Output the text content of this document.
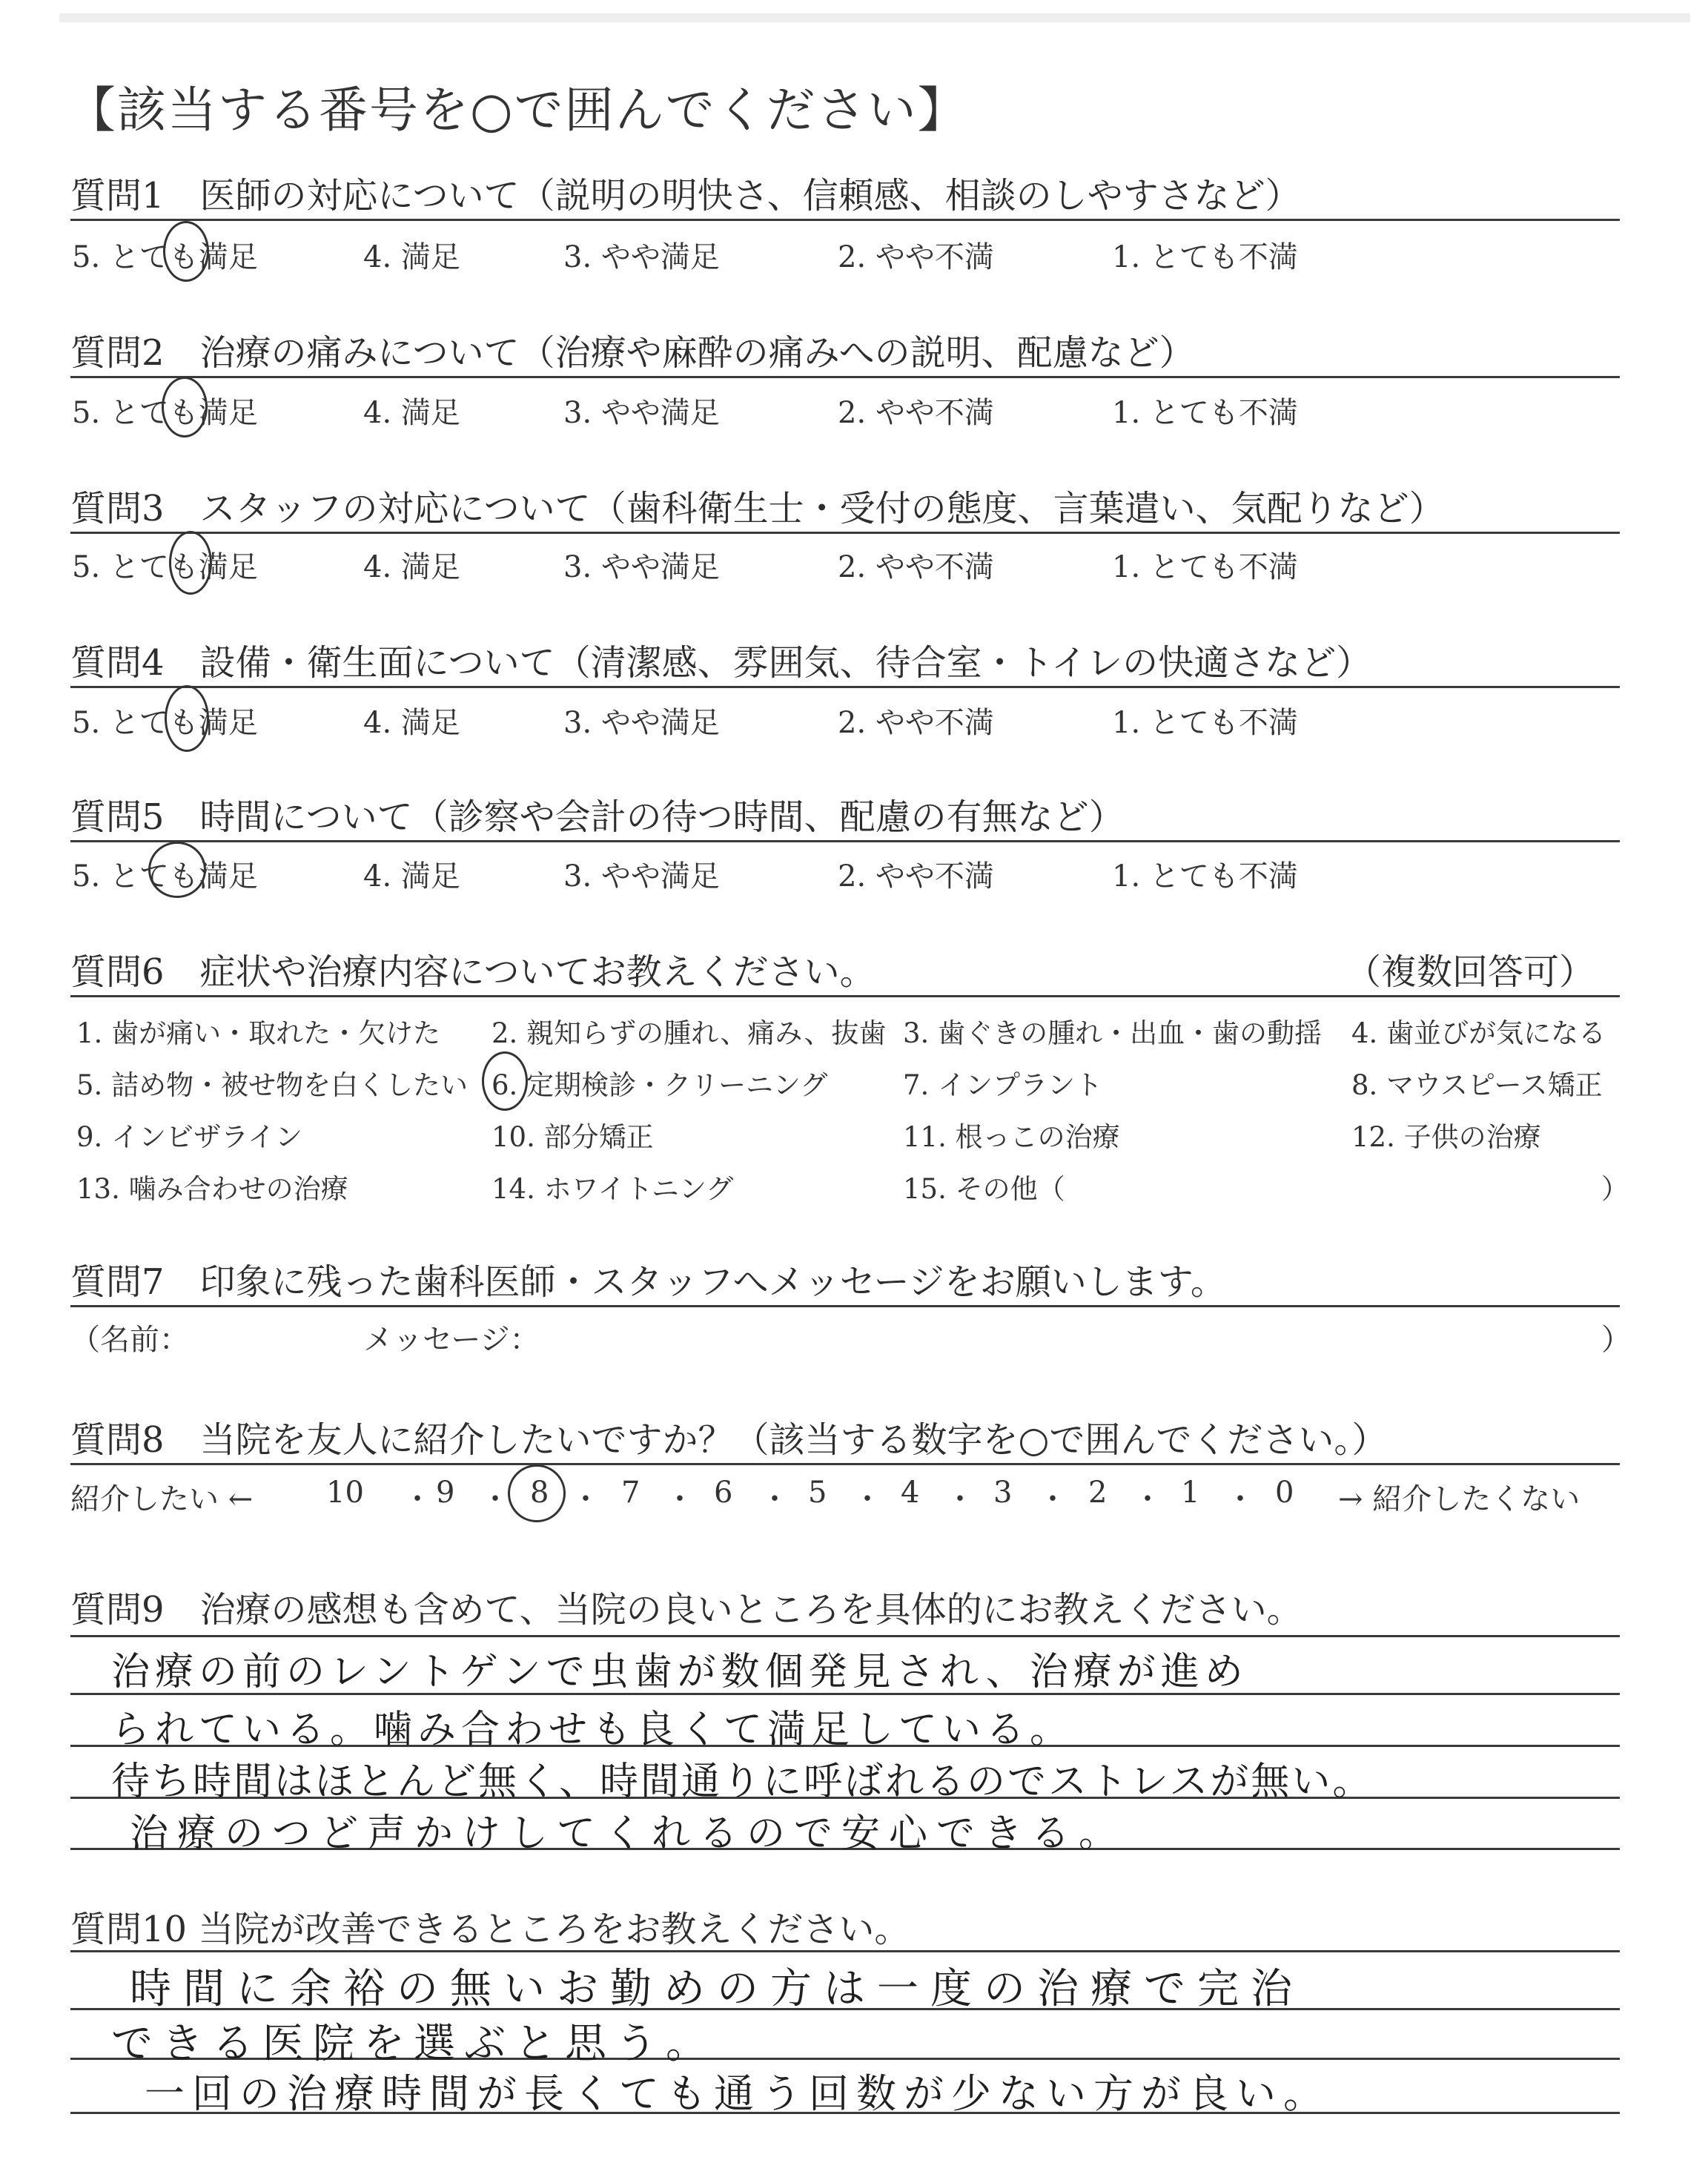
【該当する番号を○で囲んでください】
質問1　医師の対応について（説明の明快さ、信頼感、相談のしやすさなど）
5. とても満足	4. 満足	3. やや満足	2. やや不満	1. とても不満
質問2　治療の痛みについて（治療や麻酔の痛みへの説明、配慮など）
5. とても満足	4. 満足	3. やや満足	2. やや不満	1. とても不満
質問3　スタッフの対応について（歯科衛生士・受付の態度、言葉遣い、気配りなど）
5. とても満足	4. 満足	3. やや満足	2. やや不満	1. とても不満
質問4　設備・衛生面について（清潔感、雰囲気、待合室・トイレの快適さなど）
5. とても満足	4. 満足	3. やや満足	2. やや不満	1. とても不満
質問5　時間について（診察や会計の待つ時間、配慮の有無など）
5. とても満足	4. 満足	3. やや満足	2. やや不満	1. とても不満
質問6　症状や治療内容についてお教えください。	（複数回答可）
1. 歯が痛い・取れた・欠けた 2. 親知らずの腫れ、痛み、抜歯 3. 歯ぐきの腫れ・出血・歯の動揺 4. 歯並びが気になる
5. 詰め物・被せ物を白くしたい 6. 定期検診・クリーニング	7. インプラント	8. マウスピース矯正
9. インビザライン	10. 部分矯正	11. 根っこの治療	12. 子供の治療
13. 噛み合わせの治療	14. ホワイトニング	15. その他（	）
質問7　印象に残った歯科医師・スタッフへメッセージをお願いします。
（名前：	メッセージ：	）
質問8　当院を友人に紹介したいですか？（該当する数字を○で囲んでください。）
紹介したい ←	→ 紹介したくない
10 ・ 9 ・ 8 ・ 7 ・ 6 ・ 5 ・ 4 ・ 3 ・ 2 ・ 1 ・ 0
質問9　治療の感想も含めて、当院の良いところを具体的にお教えください。
治療の前のレントゲンで虫歯が数個発見され、治療が進め
られている。噛み合わせも良くて満足している。
待ち時間はほとんど無く、時間通りに呼ばれるのでストレスが無い。
治療のつど声かけしてくれるので安心できる。
質問10 当院が改善できるところをお教えください。
時間に余裕の無いお勤めの方は一度の治療で完治
できる医院を選ぶと思う。
一回の治療時間が長くても通う回数が少ない方が良い。
